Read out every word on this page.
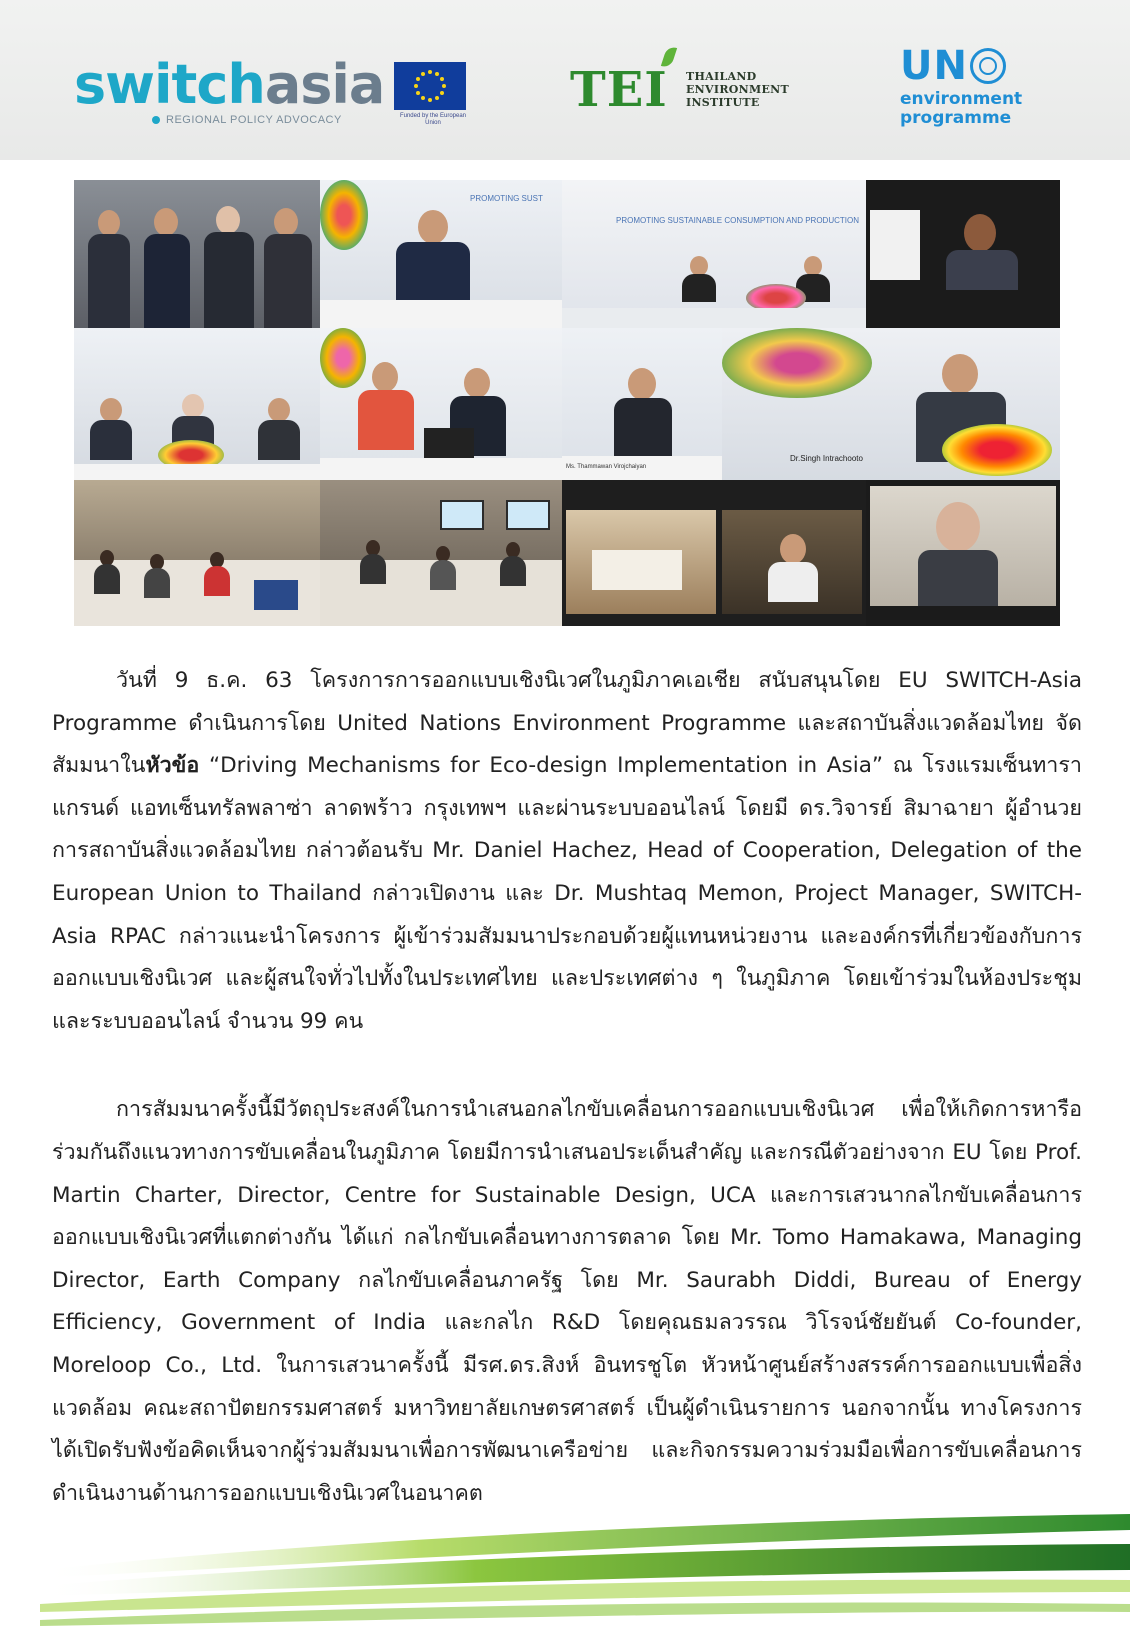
switchasia
REGIONAL POLICY ADVOCACY	Funded by the European Union
TEI THAILAND
ENVIRONMENT
INSTITUTE
UN
environment
programme
PROMOTING SUST
PROMOTING SUSTAINABLE CONSUMPTION AND PRODUCTION
Ms. Thammawan Virojchaiyan
Dr.Singh Intrachooto

วันที่ 9 ธ.ค. 63 โครงการการออกแบบเชิงนิเวศในภูมิภาคเอเชีย สนับสนุนโดย EU SWITCH-Asia Programme ดำเนินการโดย United Nations Environment Programme และสถาบันสิ่งแวดล้อมไทย จัดสัมมนาในหัวข้อ “Driving Mechanisms for Eco-design Implementation in Asia” ณ โรงแรมเซ็นทาราแกรนด์ แอทเซ็นทรัลพลาซ่า ลาดพร้าว กรุงเทพฯ และผ่านระบบออนไลน์ โดยมี ดร.วิจารย์ สิมาฉายา ผู้อำนวยการสถาบันสิ่งแวดล้อมไทย กล่าวต้อนรับ Mr. Daniel Hachez, Head of Cooperation, Delegation of the European Union to Thailand กล่าวเปิดงาน และ Dr. Mushtaq Memon, Project Manager, SWITCH-Asia RPAC กล่าวแนะนำโครงการ ผู้เข้าร่วมสัมมนาประกอบด้วยผู้แทนหน่วยงาน และองค์กรที่เกี่ยวข้องกับการออกแบบเชิงนิเวศ และผู้สนใจทั่วไปทั้งในประเทศไทย และประเทศต่าง ๆ ในภูมิภาค โดยเข้าร่วมในห้องประชุมและระบบออนไลน์ จำนวน 99 คน

การสัมมนาครั้งนี้มีวัตถุประสงค์ในการนำเสนอกลไกขับเคลื่อนการออกแบบเชิงนิเวศ เพื่อให้เกิดการหารือร่วมกันถึงแนวทางการขับเคลื่อนในภูมิภาค โดยมีการนำเสนอประเด็นสำคัญ และกรณีตัวอย่างจาก EU โดย Prof. Martin Charter, Director, Centre for Sustainable Design, UCA และการเสวนากลไกขับเคลื่อนการออกแบบเชิงนิเวศที่แตกต่างกัน ได้แก่ กลไกขับเคลื่อนทางการตลาด โดย Mr. Tomo Hamakawa, Managing Director, Earth Company กลไกขับเคลื่อนภาครัฐ โดย Mr. Saurabh Diddi, Bureau of Energy Efficiency, Government of India และกลไก R&D โดยคุณธมลวรรณ วิโรจน์ชัยยันต์ Co-founder, Moreloop Co., Ltd. ในการเสวนาครั้งนี้ มีรศ.ดร.สิงห์ อินทรชูโต หัวหน้าศูนย์สร้างสรรค์การออกแบบเพื่อสิ่งแวดล้อม คณะสถาปัตยกรรมศาสตร์ มหาวิทยาลัยเกษตรศาสตร์ เป็นผู้ดำเนินรายการ นอกจากนั้น ทางโครงการได้เปิดรับฟังข้อคิดเห็นจากผู้ร่วมสัมมนาเพื่อการพัฒนาเครือข่าย และกิจกรรมความร่วมมือเพื่อการขับเคลื่อนการดำเนินงานด้านการออกแบบเชิงนิเวศในอนาคต
